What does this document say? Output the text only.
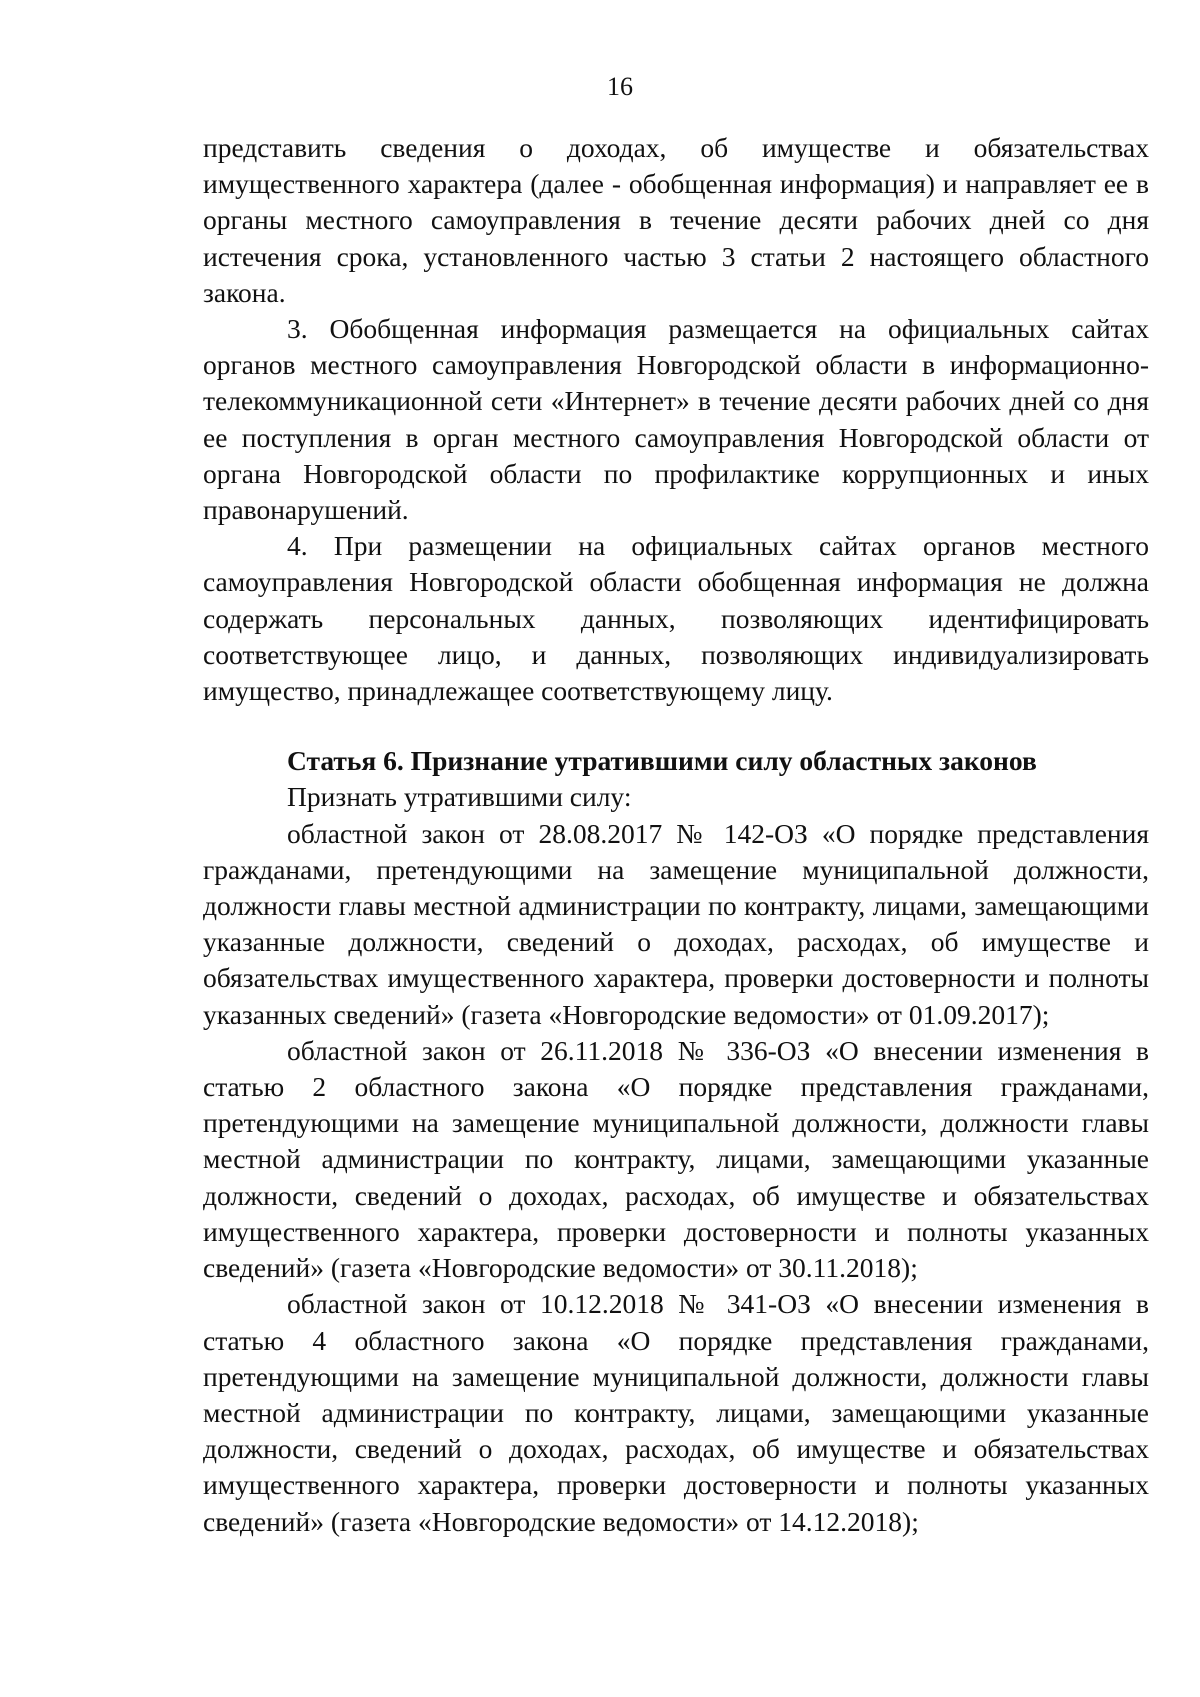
16

представить сведения о доходах, об имуществе и обязательствах имущественного характера (далее - обобщенная информация) и направляет ее в органы местного самоуправления в течение десяти рабочих дней со дня истечения срока, установленного частью 3 статьи 2 настоящего областного закона.

3. Обобщенная информация размещается на официальных сайтах органов местного самоуправления Новгородской области в информационно-телекоммуникационной сети «Интернет» в течение десяти рабочих дней со дня ее поступления в орган местного самоуправления Новгородской области от органа Новгородской области по профилактике коррупционных и иных правонарушений.

4. При размещении на официальных сайтах органов местного самоуправления Новгородской области обобщенная информация не должна содержать персональных данных, позволяющих идентифицировать соответствующее лицо, и данных, позволяющих индивидуализировать имущество, принадлежащее соответствующему лицу.

Статья 6. Признание утратившими силу областных законов

Признать утратившими силу:

областной закон от 28.08.2017 № 142-ОЗ «О порядке представления гражданами, претендующими на замещение муниципальной должности, должности главы местной администрации по контракту, лицами, замещающими указанные должности, сведений о доходах, расходах, об имуществе и обязательствах имущественного характера, проверки достоверности и полноты указанных сведений» (газета «Новгородские ведомости» от 01.09.2017);

областной закон от 26.11.2018 № 336-ОЗ «О внесении изменения в статью 2 областного закона «О порядке представления гражданами, претендующими на замещение муниципальной должности, должности главы местной администрации по контракту, лицами, замещающими указанные должности, сведений о доходах, расходах, об имуществе и обязательствах имущественного характера, проверки достоверности и полноты указанных сведений» (газета «Новгородские ведомости» от 30.11.2018);

областной закон от 10.12.2018 № 341-ОЗ «О внесении изменения в статью 4 областного закона «О порядке представления гражданами, претендующими на замещение муниципальной должности, должности главы местной администрации по контракту, лицами, замещающими указанные должности, сведений о доходах, расходах, об имуществе и обязательствах имущественного характера, проверки достоверности и полноты указанных сведений» (газета «Новгородские ведомости» от 14.12.2018);
